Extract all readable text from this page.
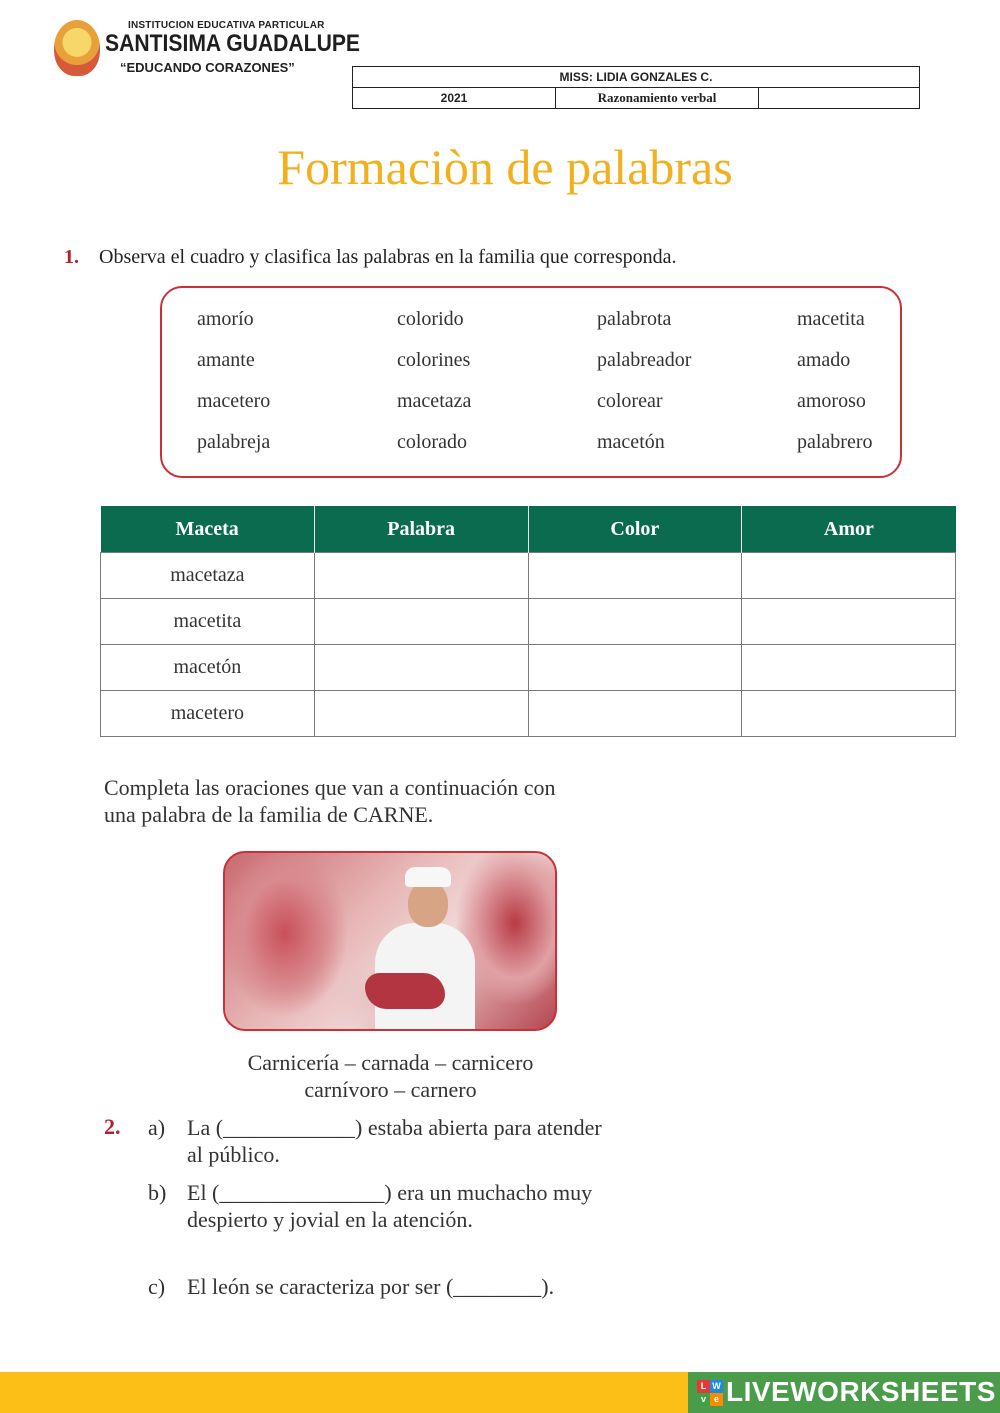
INSTITUCION EDUCATIVA PARTICULAR
SANTISIMA GUADALUPE
“EDUCANDO CORAZONES”
MISS: LIDIA GONZALES C.
2021	Razonamiento verbal	
Formaciòn de palabras
1. Observa el cuadro y clasifica las palabras en la familia que corresponda.
amorío	colorido	palabrota	macetita
amante	colorines	palabreador	amado
macetero	macetaza	colorear	amoroso
palabreja	colorado	macetón	palabrero
Maceta	Palabra	Color	Amor
macetaza			
macetita			
macetón			
macetero			
Completa las oraciones que van a continuación con
una palabra de la familia de CARNE.
Carnicería – carnada – carnicero
carnívoro – carnero
2. a) La (____________) estaba abierta para atender
al público.
b) El (_______________) era un muchacho muy
despierto y jovial en la atención.
c) El león se caracteriza por ser (________).
L W
v e LIVEWORKSHEETS
